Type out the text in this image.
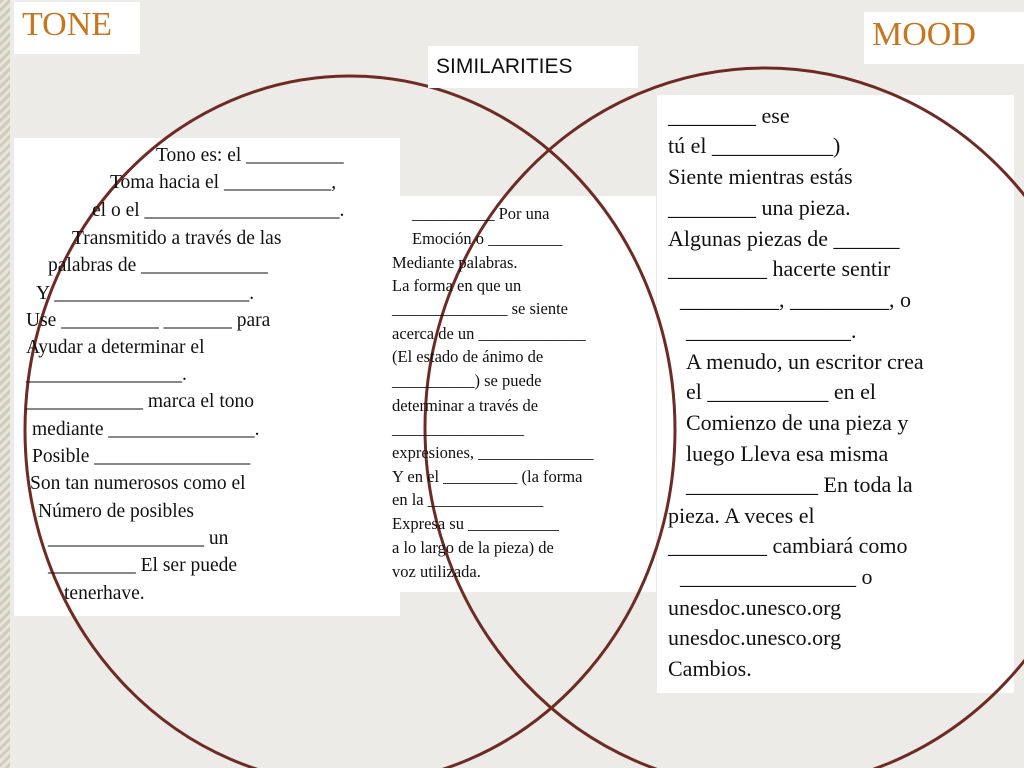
TONE	MOOD
SIMILARITIES
Tono es: el __________
Toma hacia el ___________,
el o el ____________________.
Transmitido a través de las
palabras de _____________
Y ____________________.
Use __________ _______ para
Ayudar a determinar el
________________.
____________ marca el tono
mediante _______________.
Posible ________________
Son tan numerosos como el
Número de posibles
________________ un
_________ El ser puede
tenerhave.
__________ Por una
Emoción o _________
Mediante palabras.
La forma en que un
______________ se siente
acerca de un _____________
(El estado de ánimo de
__________) se puede
determinar a través de
________________
expresiones, ______________
Y en el _________ (la forma
en la ______________
Expresa su ___________
a lo largo de la pieza) de
voz utilizada.
________ ese
tú el ___________)
Siente mientras estás
________ una pieza.
Algunas piezas de ______
_________ hacerte sentir
_________, _________, o
_______________.
A menudo, un escritor crea
el ___________ en el
Comienzo de una pieza y
luego Lleva esa misma
____________ En toda la
pieza. A veces el
_________ cambiará como
________________ o
unesdoc.unesco.org
unesdoc.unesco.org
Cambios.
